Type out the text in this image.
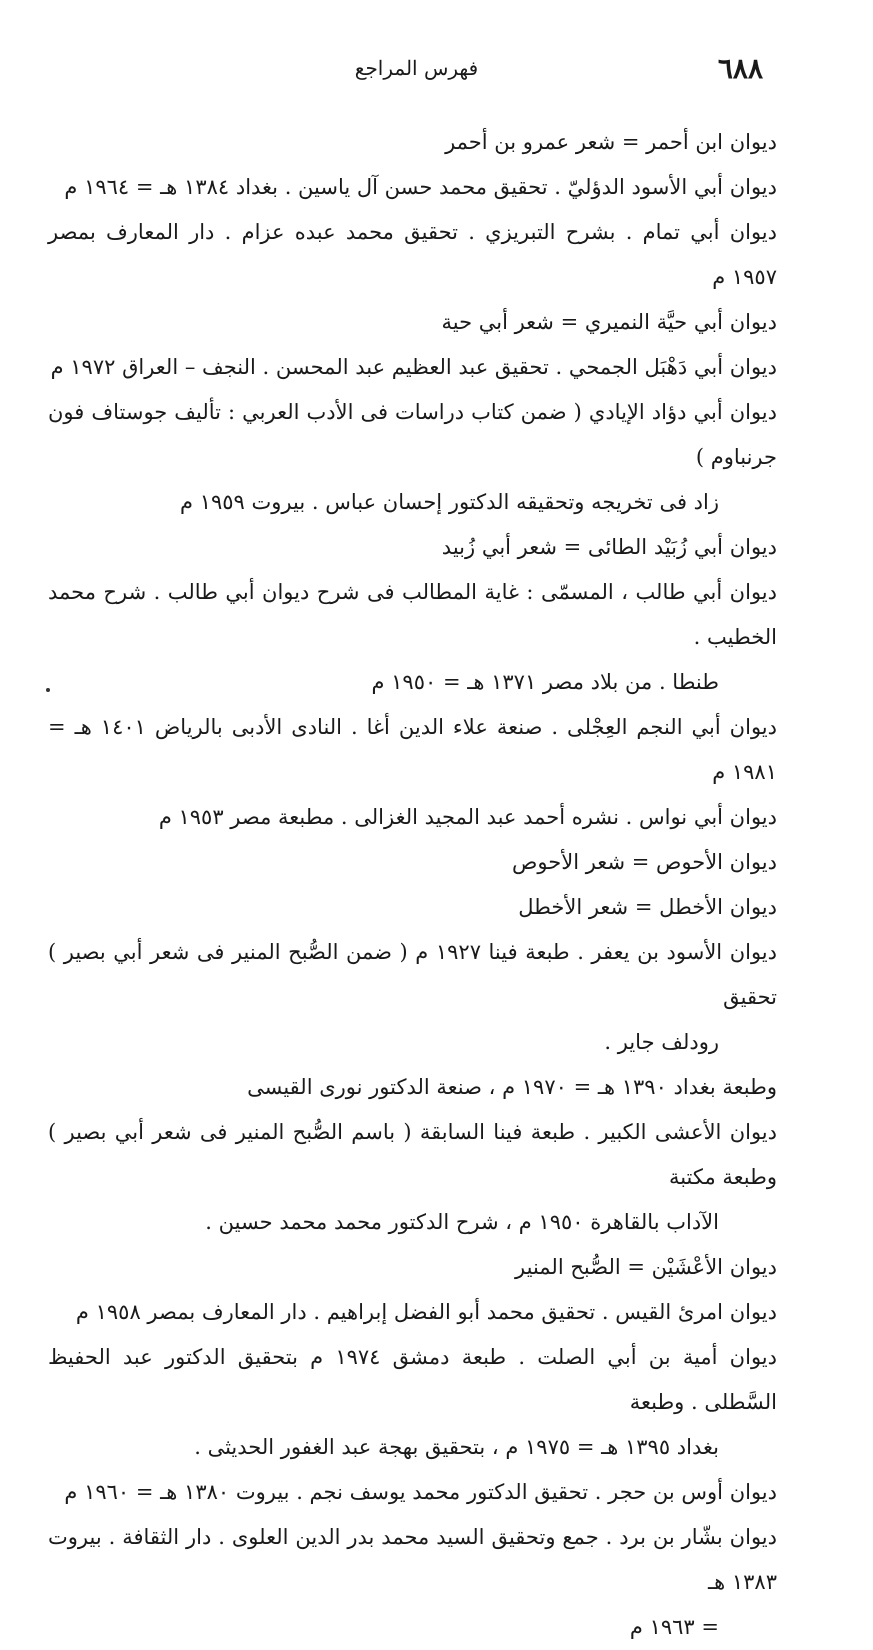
٦٨٨
فهرس المراجع
ديوان ابن أحمر = شعر عمرو بن أحمر
ديوان أبي الأسود الدؤليّ . تحقيق محمد حسن آل ياسين . بغداد ١٣٨٤ هـ = ١٩٦٤ م
ديوان أبي تمام . بشرح التبريزي . تحقيق محمد عبده عزام . دار المعارف بمصر ١٩٥٧ م
ديوان أبي حيَّة النميري = شعر أبي حية
ديوان أبي دَهْبَل الجمحي . تحقيق عبد العظيم عبد المحسن . النجف – العراق ١٩٧٢ م
ديوان أبي دؤاد الإيادي ( ضمن كتاب دراسات فى الأدب العربي : تأليف جوستاف فون جرنباوم )
زاد فى تخريجه وتحقيقه الدكتور إحسان عباس . بيروت ١٩٥٩ م
ديوان أبي زُبَيْد الطائى = شعر أبي زُبيد
ديوان أبي طالب ، المسمّى : غاية المطالب فى شرح ديوان أبي طالب . شرح محمد الخطيب .
طنطا . من بلاد مصر ١٣٧١ هـ = ١٩٥٠ م
ديوان أبي النجم العِجْلى . صنعة علاء الدين أغا . النادى الأدبى بالرياض ١٤٠١ هـ = ١٩٨١ م
ديوان أبي نواس . نشره أحمد عبد المجيد الغزالى . مطبعة مصر ١٩٥٣ م
ديوان الأحوص = شعر الأحوص
ديوان الأخطل = شعر الأخطل
ديوان الأسود بن يعفر . طبعة فينا ١٩٢٧ م ( ضمن الصُّبح المنير فى شعر أبي بصير ) تحقيق
رودلف جاير .
وطبعة بغداد ١٣٩٠ هـ = ١٩٧٠ م ، صنعة الدكتور نورى القيسى
ديوان الأعشى الكبير . طبعة فينا السابقة ( باسم الصُّبح المنير فى شعر أبي بصير ) وطبعة مكتبة
الآداب بالقاهرة ١٩٥٠ م ، شرح الدكتور محمد محمد حسين .
ديوان الأعْشَيْن = الصُّبح المنير
ديوان امرئ القيس . تحقيق محمد أبو الفضل إبراهيم . دار المعارف بمصر ١٩٥٨ م
ديوان أمية بن أبي الصلت . طبعة دمشق ١٩٧٤ م بتحقيق الدكتور عبد الحفيظ السَّطلى . وطبعة
بغداد ١٣٩٥ هـ = ١٩٧٥ م ، بتحقيق بهجة عبد الغفور الحديثى .
ديوان أوس بن حجر . تحقيق الدكتور محمد يوسف نجم . بيروت ١٣٨٠ هـ = ١٩٦٠ م
ديوان بشّار بن برد . جمع وتحقيق السيد محمد بدر الدين العلوى . دار الثقافة . بيروت ١٣٨٣ هـ
= ١٩٦٣ م
